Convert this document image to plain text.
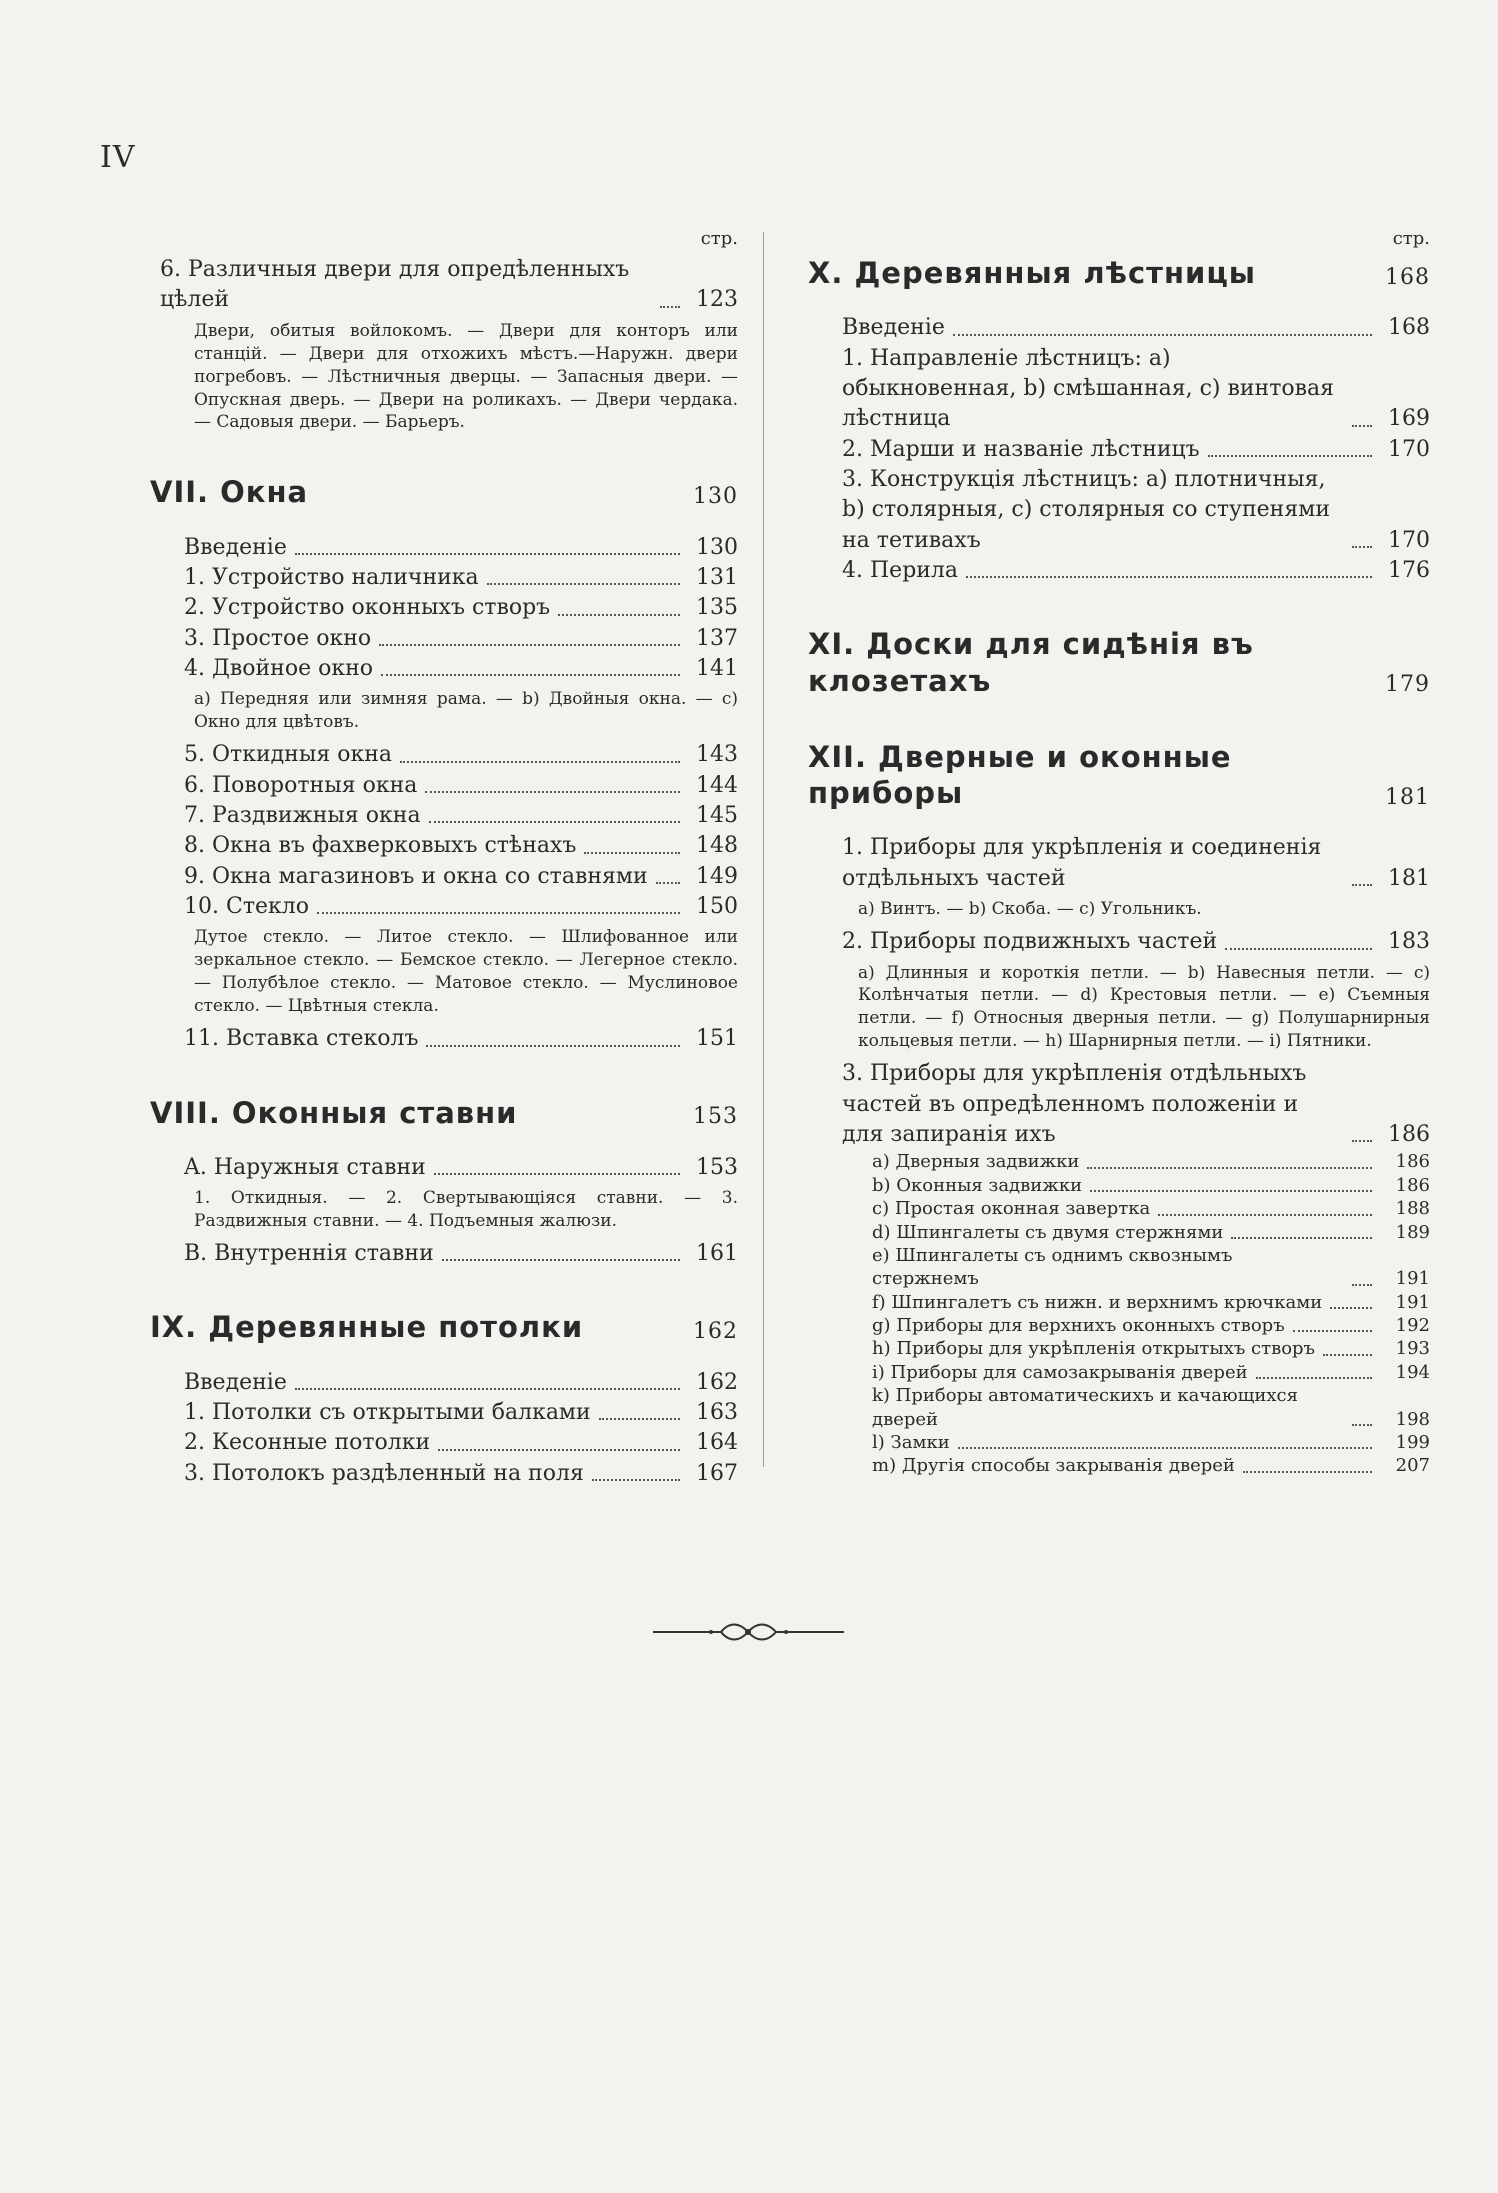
IV
стр.
6. Различныя двери для опредѣленныхъ цѣлей	123
Двери, обитыя войлокомъ. — Двери для конторъ или станцій. — Двери для отхожихъ мѣстъ.—Наружн. двери погребовъ. — Лѣстничныя дверцы. — Запасныя двери. — Опускная дверь. — Двери на роликахъ. — Двери чердака. — Садовыя двери. — Барьеръ.
VII. Окна	130
Введеніе	130
1. Устройство наличника	131
2. Устройство оконныхъ створъ	135
3. Простое окно	137
4. Двойное окно	141
a) Передняя или зимняя рама. — b) Двойныя окна. — c) Окно для цвѣтовъ.
5. Откидныя окна	143
6. Поворотныя окна	144
7. Раздвижныя окна	145
8. Окна въ фахверковыхъ стѣнахъ	148
9. Окна магазиновъ и окна со ставнями	149
10. Стекло	150
Дутое стекло. — Литое стекло. — Шлифованное или зеркальное стекло. — Бемское стекло. — Легерное стекло. — Полубѣлое стекло. — Матовое стекло. — Муслиновое стекло. — Цвѣтныя стекла.
11. Вставка стеколъ	151
VIII. Оконныя ставни	153
A. Наружныя ставни	153
1. Откидныя. — 2. Свертывающіяся ставни. — 3. Раздвижныя ставни. — 4. Подъемныя жалюзи.
B. Внутреннія ставни	161
IX. Деревянные потолки	162
Введеніе	162
1. Потолки съ открытыми балками	163
2. Кесонные потолки	164
3. Потолокъ раздѣленный на поля	167
стр.
X. Деревянныя лѣстницы	168
Введеніе	168
1. Направленіе лѣстницъ: a) обыкновенная, b) смѣшанная, c) винтовая лѣстница	169
2. Марши и названіе лѣстницъ	170
3. Конструкція лѣстницъ: a) плотничныя, b) столярныя, c) столярныя со ступенями на тетивахъ	170
4. Перила	176
XI. Доски для сидѣнія въ клозетахъ	179
XII. Дверные и оконные приборы	181
1. Приборы для укрѣпленія и соединенія отдѣльныхъ частей	181
a) Винтъ. — b) Скоба. — c) Угольникъ.
2. Приборы подвижныхъ частей	183
a) Длинныя и короткія петли. — b) Навесныя петли. — c) Колѣнчатыя петли. — d) Крестовыя петли. — e) Съемныя петли. — f) Относныя дверныя петли. — g) Полушарнирныя кольцевыя петли. — h) Шарнирныя петли. — i) Пятники.
3. Приборы для укрѣпленія отдѣльныхъ частей въ опредѣленномъ положеніи и для запиранія ихъ	186
a) Дверныя задвижки	186
b) Оконныя задвижки	186
c) Простая оконная завертка	188
d) Шпингалеты съ двумя стержнями	189
e) Шпингалеты съ однимъ сквознымъ стержнемъ	191
f) Шпингалетъ съ нижн. и верхнимъ крючками	191
g) Приборы для верхнихъ оконныхъ створъ	192
h) Приборы для укрѣпленія открытыхъ створъ	193
i) Приборы для самозакрыванія дверей	194
k) Приборы автоматическихъ и качающихся дверей	198
l) Замки	199
m) Другія способы закрыванія дверей	207
